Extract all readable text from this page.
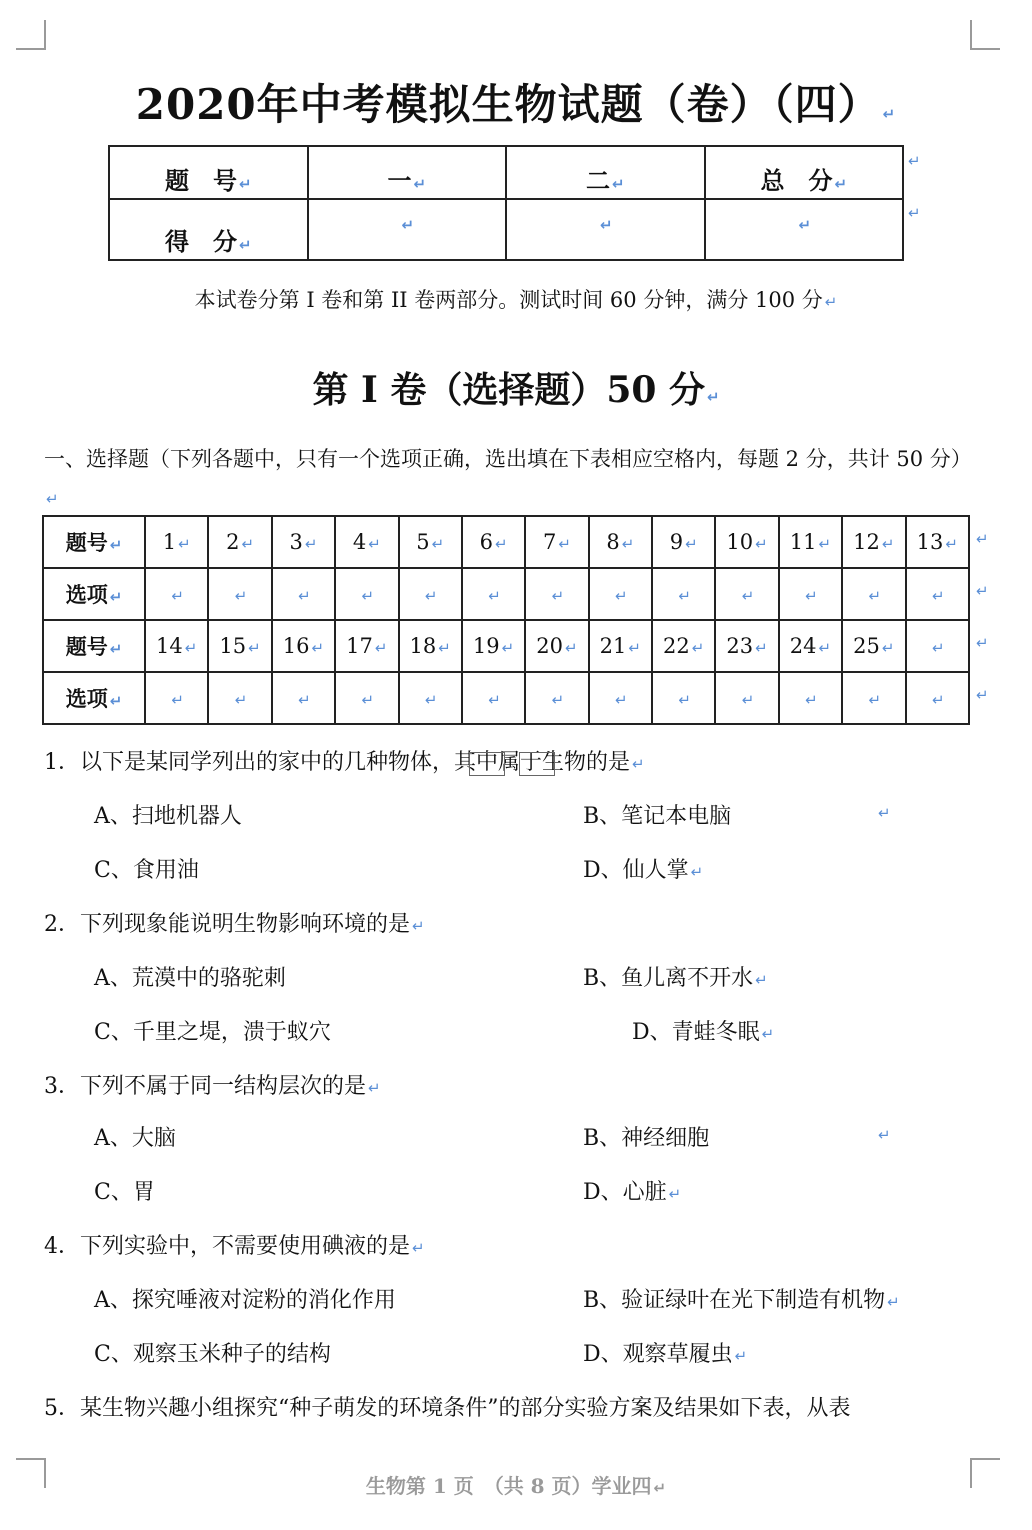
2020年中考模拟生物试题（卷）（四） ↵
题　号 ↵	一 ↵	二 ↵	总　分 ↵
得　分 ↵	↵	↵	↵
↵
↵
本试卷分第 I 卷和第 II 卷两部分。测试时间 60 分钟，满分 100 分 ↵
第 I 卷（选择题）50 分 ↵
一、选择题（下列各题中，只有一个选项正确，选出填在下表相应空格内，每题 2 分，共计 50 分）↵
题号 ↵	1 ↵	2 ↵	3 ↵	4 ↵	5 ↵	6 ↵	7 ↵	8 ↵	9 ↵	10 ↵	11 ↵	12 ↵	13 ↵
选项 ↵	↵	↵	↵	↵	↵	↵	↵	↵	↵	↵	↵	↵	↵
题号 ↵	14 ↵	15 ↵	16 ↵	17 ↵	18 ↵	19 ↵	20 ↵	21 ↵	22 ↵	23 ↵	24 ↵	25 ↵	↵
选项 ↵	↵	↵	↵	↵	↵	↵	↵	↵	↵	↵	↵	↵	↵
↵
↵
↵
↵
1．以下是某同学列出的家中的几种物体，其中属于生物的是 ↵
A、扫地机器人	B、笔记本电脑	↵
C、食用油	D、仙人掌 ↵
2．下列现象能说明生物影响环境的是 ↵
A、荒漠中的骆驼刺	B、鱼儿离不开水 ↵
C、千里之堤，溃于蚁穴	D、青蛙冬眠 ↵
3．下列不属于同一结构层次的是 ↵
A、大脑	B、神经细胞	↵
C、胃	D、心脏 ↵
4．下列实验中，不需要使用碘液的是 ↵
A、探究唾液对淀粉的消化作用	B、验证绿叶在光下制造有机物 ↵
C、观察玉米种子的结构	D、观察草履虫 ↵
5．某生物兴趣小组探究“种子萌发的环境条件”的部分实验方案及结果如下表，从表
生物第 1 页　（共 8 页）学业四 ↵
